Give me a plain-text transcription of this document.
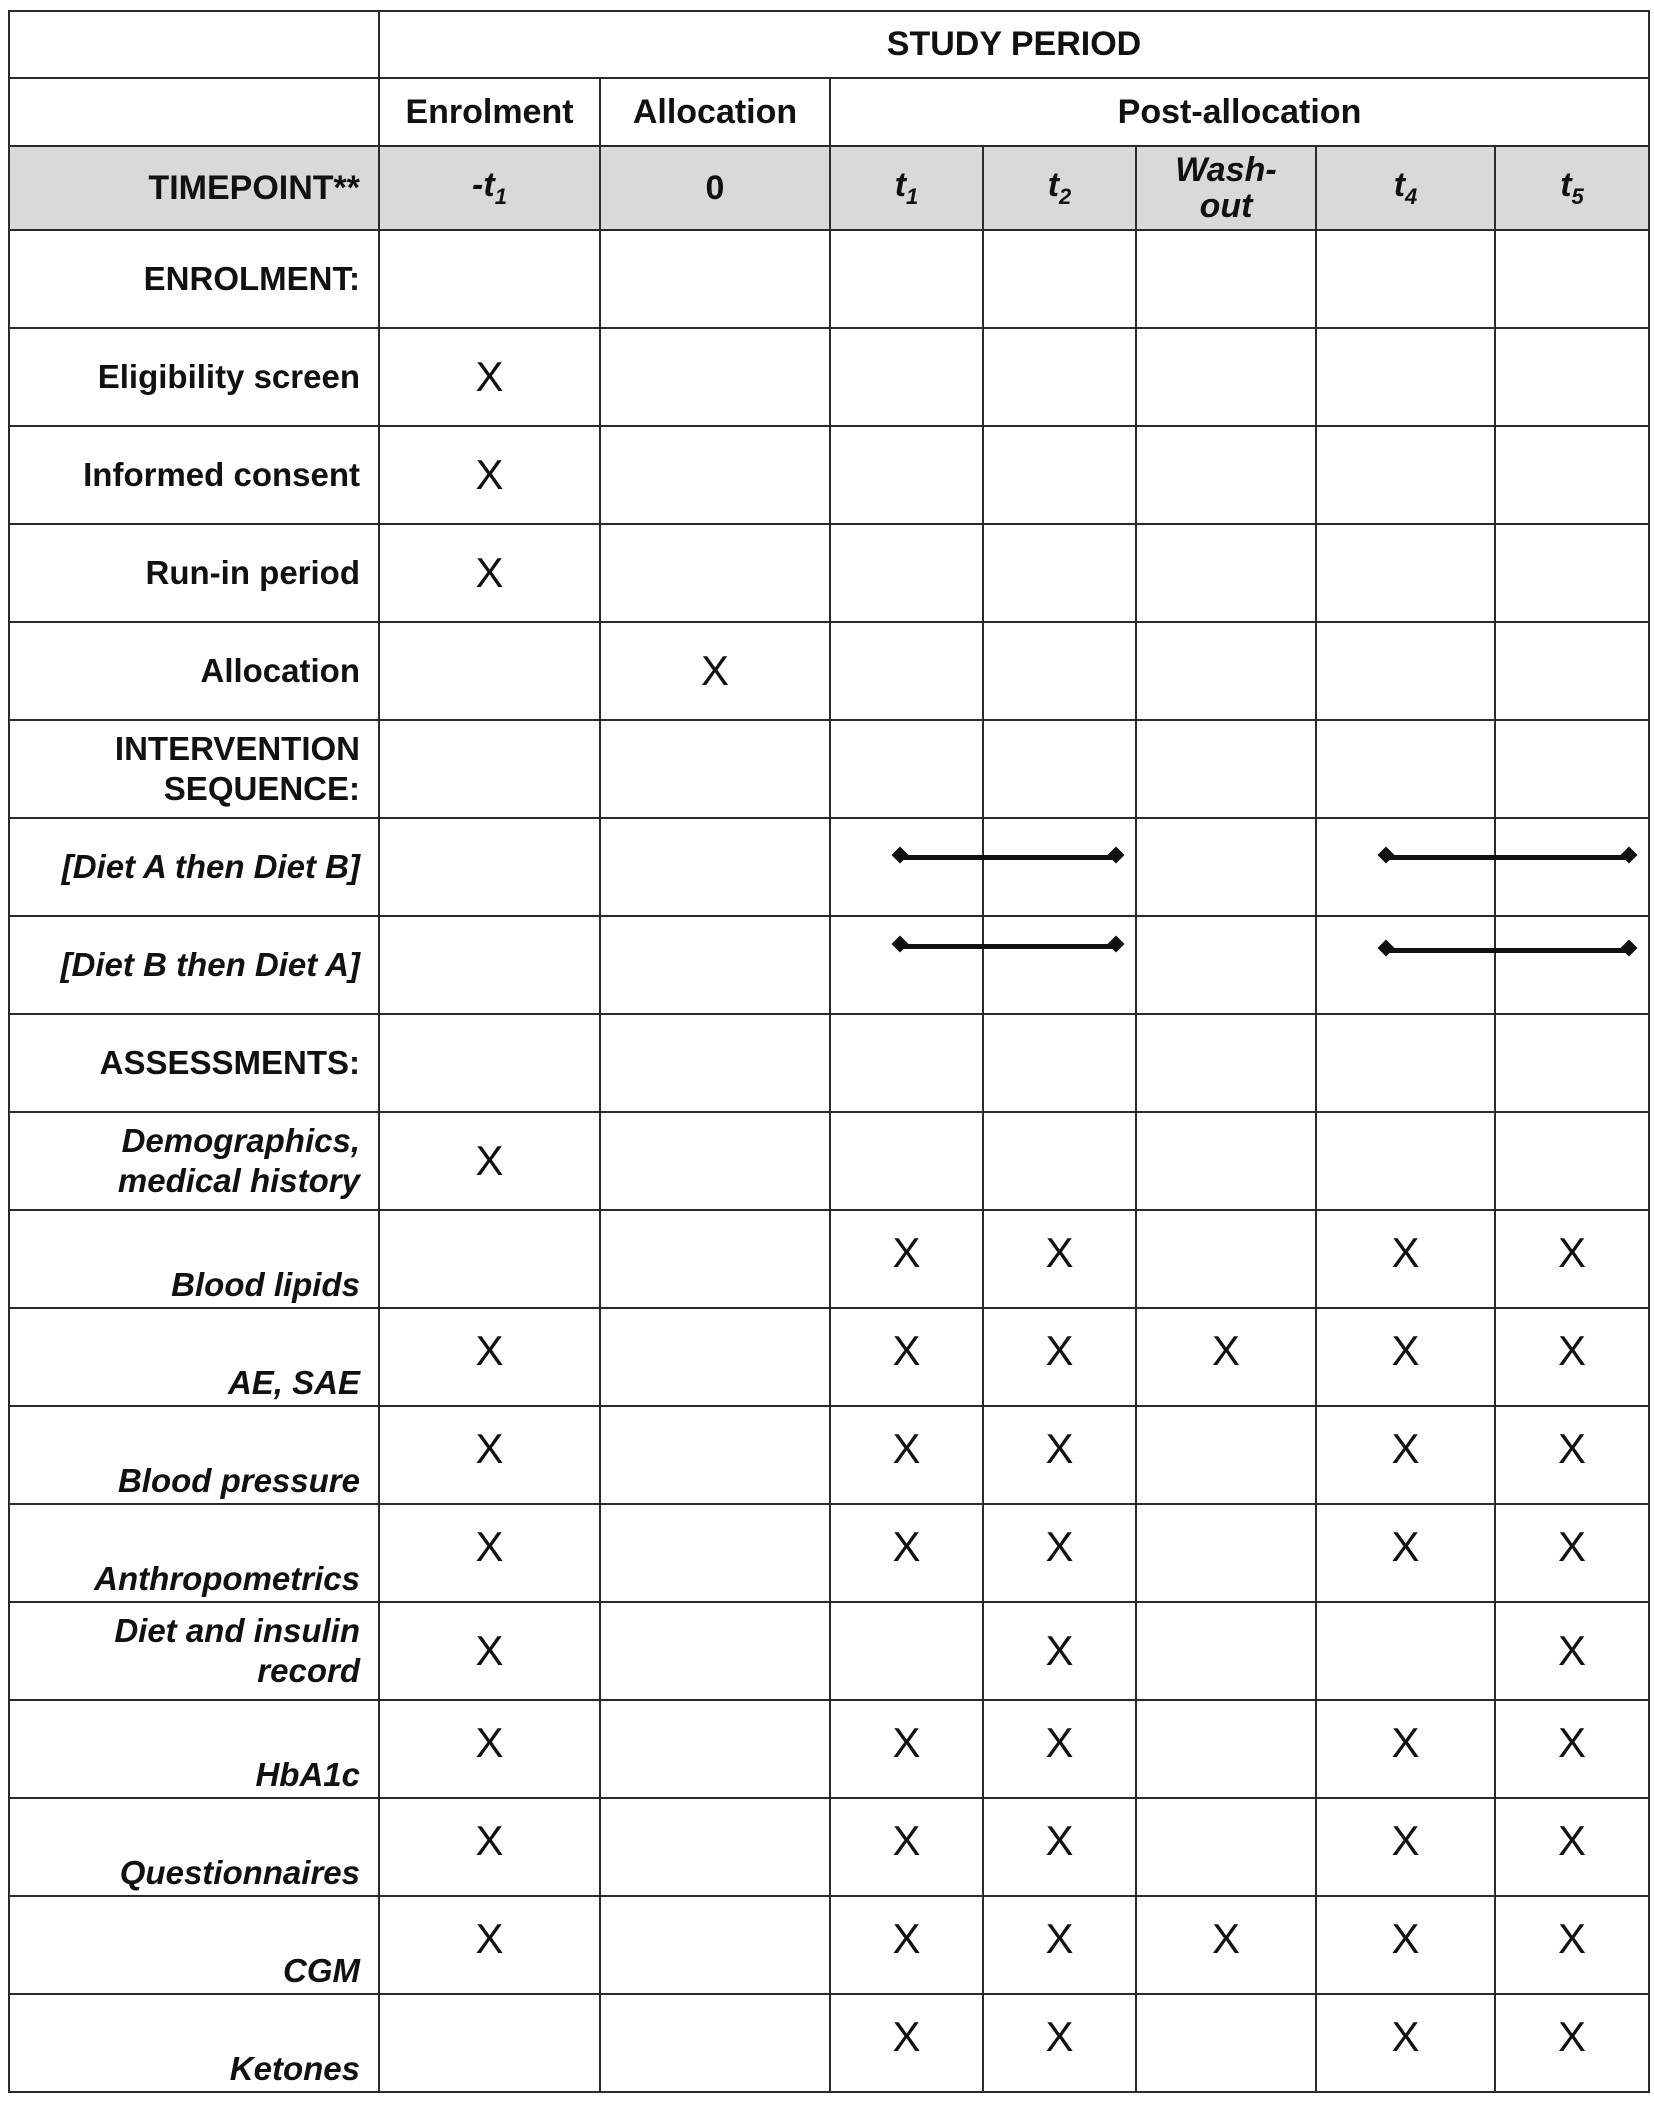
	STUDY PERIOD						
	Enrolment	Allocation	Post-allocation				
TIMEPOINT**	$-t_1$	0	$t_1$	$t_2$	Wash-out	$t_4$	$t_5$
ENROLMENT:							
Eligibility screen	X						
Informed consent	X						
Run-in period	X						
Allocation		X					
INTERVENTION SEQUENCE:							
[Diet A then Diet B]							
[Diet B then Diet A]							
ASSESSMENTS:							
Demographics, medical history	X						
Blood lipids			X	X		X	X
AE, SAE	X		X	X	X	X	X
Blood pressure	X		X	X		X	X
Anthropometrics	X		X	X		X	X
Diet and insulin record	X			X			X
HbA1c	X		X	X		X	X
Questionnaires	X		X	X		X	X
CGM	X		X	X	X	X	X
Ketones			X	X		X	X
